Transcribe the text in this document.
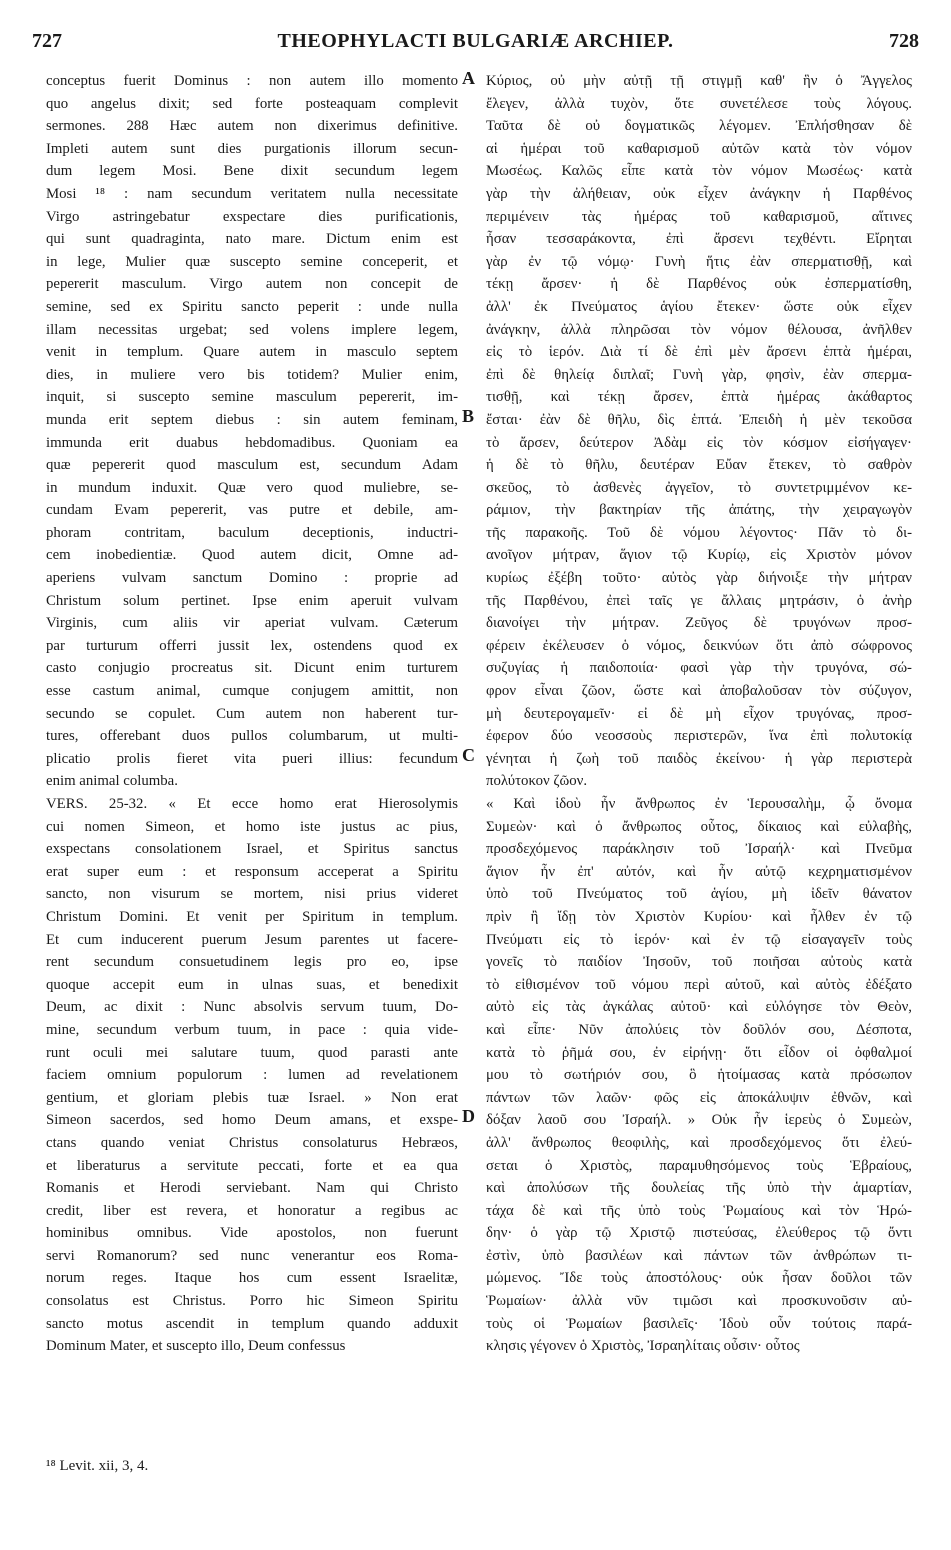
727	THEOPHYLACTI BULGARIÆ ARCHIEP.	728
conceptus fuerit Dominus : non autem illo momento
quo angelus dixit; sed forte posteaquam complevit
sermones. 288 Hæc autem non dixerimus definitive.
Impleti autem sunt dies purgationis illorum secun-
dum legem Mosi. Bene dixit secundum legem
Mosi ¹⁸ : nam secundum veritatem nulla necessitate
Virgo astringebatur exspectare dies purificationis,
qui sunt quadraginta, nato mare. Dictum enim est
in lege, Mulier quæ suscepto semine conceperit, et
pepererit masculum. Virgo autem non concepit de
semine, sed ex Spiritu sancto peperit : unde nulla
illam necessitas urgebat; sed volens implere legem,
venit in templum. Quare autem in masculo septem
dies, in muliere vero bis totidem? Mulier enim,
inquit, si suscepto semine masculum pepererit, im-
munda erit septem diebus : sin autem feminam,
immunda erit duabus hebdomadibus. Quoniam ea
quæ pepererit quod masculum est, secundum Adam
in mundum induxit. Quæ vero quod muliebre, se-
cundam Evam pepererit, vas putre et debile, am-
phoram contritam, baculum deceptionis, inductri-
cem inobedientiæ. Quod autem dicit, Omne ad-
aperiens vulvam sanctum Domino : proprie ad
Christum solum pertinet. Ipse enim aperuit vulvam
Virginis, cum aliis vir aperiat vulvam. Cæterum
par turturum offerri jussit lex, ostendens quod ex
casto conjugio procreatus sit. Dicunt enim turturem
esse castum animal, cumque conjugem amittit, non
secundo se copulet. Cum autem non haberent tur-
tures, offerebant duos pullos columbarum, ut multi-
plicatio prolis fieret vita pueri illius: fecundum
enim animal columba.
VERS. 25-32. « Et ecce homo erat Hierosolymis
cui nomen Simeon, et homo iste justus ac pius,
exspectans consolationem Israel, et Spiritus sanctus
erat super eum : et responsum acceperat a Spiritu
sancto, non visurum se mortem, nisi prius videret
Christum Domini. Et venit per Spiritum in templum.
Et cum inducerent puerum Jesum parentes ut facere-
rent secundum consuetudinem legis pro eo, ipse
quoque accepit eum in ulnas suas, et benedixit
Deum, ac dixit : Nunc absolvis servum tuum, Do-
mine, secundum verbum tuum, in pace : quia vide-
runt oculi mei salutare tuum, quod parasti ante
faciem omnium populorum : lumen ad revelationem
gentium, et gloriam plebis tuæ Israel. » Non erat
Simeon sacerdos, sed homo Deum amans, et exspe-
ctans quando veniat Christus consolaturus Hebræos,
et liberaturus a servitute peccati, forte et ea qua
Romanis et Herodi serviebant. Nam qui Christo
credit, liber est revera, et honoratur a regibus ac
hominibus omnibus. Vide apostolos, non fuerunt
servi Romanorum? sed nunc venerantur eos Roma-
norum reges. Itaque hos cum essent Israelitæ,
consolatus est Christus. Porro hic Simeon Spiritu
sancto motus ascendit in templum quando adduxit
Dominum Mater, et suscepto illo, Deum confessus
Κύριος, οὐ μὴν αὐτῇ τῇ στιγμῇ καθ' ἣν ὁ Ἄγγελος
ἔλεγεν, ἀλλὰ τυχὸν, ὅτε συνετέλεσε τοὺς λόγους.
Ταῦτα δὲ οὐ δογματικῶς λέγομεν. Ἐπλήσθησαν δὲ
αἱ ἡμέραι τοῦ καθαρισμοῦ αὐτῶν κατὰ τὸν νόμον
Μωσέως. Καλῶς εἶπε κατὰ τὸν νόμον Μωσέως· κατὰ
γὰρ τὴν ἀλήθειαν, οὐκ εἶχεν ἀνάγκην ἡ Παρθένος
περιμένειν τὰς ἡμέρας τοῦ καθαρισμοῦ, αἵτινες
ἦσαν τεσσαράκοντα, ἐπὶ ἄρσενι τεχθέντι. Εἴρηται
γὰρ ἐν τῷ νόμῳ· Γυνὴ ἥτις ἐὰν σπερματισθῇ, καὶ
τέκῃ ἄρσεν· ἡ δὲ Παρθένος οὐκ ἐσπερματίσθη,
ἀλλ' ἐκ Πνεύματος ἁγίου ἔτεκεν· ὥστε οὐκ εἶχεν
ἀνάγκην, ἀλλὰ πληρῶσαι τὸν νόμον θέλουσα, ἀνῆλθεν
εἰς τὸ ἱερόν. Διὰ τί δὲ ἐπὶ μὲν ἄρσενι ἑπτὰ ἡμέραι,
ἐπὶ δὲ θηλείᾳ διπλαῖ; Γυνὴ γὰρ, φησὶν, ἐὰν σπερμα-
τισθῇ, καὶ τέκῃ ἄρσεν, ἑπτὰ ἡμέρας ἀκάθαρτος
ἔσται· ἐὰν δὲ θῆλυ, δὶς ἑπτά. Ἐπειδὴ ἡ μὲν τεκοῦσα
τὸ ἄρσεν, δεύτερον Ἀδὰμ εἰς τὸν κόσμον εἰσήγαγεν·
ἡ δὲ τὸ θῆλυ, δευτέραν Εὔαν ἔτεκεν, τὸ σαθρὸν
σκεῦος, τὸ ἀσθενὲς ἀγγεῖον, τὸ συντετριμμένον κε-
ράμιον, τὴν βακτηρίαν τῆς ἀπάτης, τὴν χειραγωγὸν
τῆς παρακοῆς. Τοῦ δὲ νόμου λέγοντος· Πᾶν τὸ δι-
ανοῖγον μήτραν, ἅγιον τῷ Κυρίῳ, εἰς Χριστὸν μόνον
κυρίως ἐξέβη τοῦτο· αὐτὸς γὰρ διήνοιξε τὴν μήτραν
τῆς Παρθένου, ἐπεὶ ταῖς γε ἄλλαις μητράσιν, ὁ ἀνὴρ
διανοίγει τὴν μήτραν. Ζεῦγος δὲ τρυγόνων προσ-
φέρειν ἐκέλευσεν ὁ νόμος, δεικνύων ὅτι ἀπὸ σώφρονος
συζυγίας ἡ παιδοποιία· φασὶ γὰρ τὴν τρυγόνα, σώ-
φρον εἶναι ζῶον, ὥστε καὶ ἀποβαλοῦσαν τὸν σύζυγον,
μὴ δευτερογαμεῖν· εἰ δὲ μὴ εἶχον τρυγόνας, προσ-
έφερον δύο νεοσσοὺς περιστερῶν, ἵνα ἐπὶ πολυτοκίᾳ
γένηται ἡ ζωὴ τοῦ παιδὸς ἐκείνου· ἡ γὰρ περιστερὰ
πολύτοκον ζῶον.
« Καὶ ἰδοὺ ἦν ἄνθρωπος ἐν Ἱερουσαλὴμ, ᾧ ὄνομα
Συμεὼν· καὶ ὁ ἄνθρωπος οὗτος, δίκαιος καὶ εὐλαβὴς,
προσδεχόμενος παράκλησιν τοῦ Ἰσραήλ· καὶ Πνεῦμα
ἅγιον ἦν ἐπ' αὐτόν, καὶ ἦν αὐτῷ κεχρηματισμένον
ὑπὸ τοῦ Πνεύματος τοῦ ἁγίου, μὴ ἰδεῖν θάνατον
πρὶν ἢ ἴδῃ τὸν Χριστὸν Κυρίου· καὶ ἦλθεν ἐν τῷ
Πνεύματι εἰς τὸ ἱερόν· καὶ ἐν τῷ εἰσαγαγεῖν τοὺς
γονεῖς τὸ παιδίον Ἰησοῦν, τοῦ ποιῆσαι αὐτοὺς κατὰ
τὸ εἰθισμένον τοῦ νόμου περὶ αὐτοῦ, καὶ αὐτὸς ἐδέξατο
αὐτὸ εἰς τὰς ἀγκάλας αὐτοῦ· καὶ εὐλόγησε τὸν Θεὸν,
καὶ εἶπε· Νῦν ἀπολύεις τὸν δοῦλόν σου, Δέσποτα,
κατὰ τὸ ῥῆμά σου, ἐν εἰρήνῃ· ὅτι εἶδον οἱ ὀφθαλμοί
μου τὸ σωτήριόν σου, ὃ ἡτοίμασας κατὰ πρόσωπον
πάντων τῶν λαῶν· φῶς εἰς ἀποκάλυψιν ἐθνῶν, καὶ
δόξαν λαοῦ σου Ἰσραήλ. » Οὐκ ἦν ἱερεὺς ὁ Συμεὼν,
ἀλλ' ἄνθρωπος θεοφιλὴς, καὶ προσδεχόμενος ὅτι ἐλεύ-
σεται ὁ Χριστὸς, παραμυθησόμενος τοὺς Ἑβραίους,
καὶ ἀπολύσων τῆς δουλείας τῆς ὑπὸ τὴν ἁμαρτίαν,
τάχα δὲ καὶ τῆς ὑπὸ τοὺς Ῥωμαίους καὶ τὸν Ἡρώ-
δην· ὁ γὰρ τῷ Χριστῷ πιστεύσας, ἐλεύθερος τῷ ὄντι
ἐστὶν, ὑπὸ βασιλέων καὶ πάντων τῶν ἀνθρώπων τι-
μώμενος. Ἴδε τοὺς ἀποστόλους· οὐκ ἦσαν δοῦλοι τῶν
Ῥωμαίων· ἀλλὰ νῦν τιμῶσι καὶ προσκυνοῦσιν αὐ-
τοὺς οἱ Ῥωμαίων βασιλεῖς· Ἰδοὺ οὖν τούτοις παρά-
κλησις γέγονεν ὁ Χριστὸς, Ἰσραηλίταις οὖσιν· οὗτος
A
B
C
D
¹⁸ Levit. xii, 3, 4.
